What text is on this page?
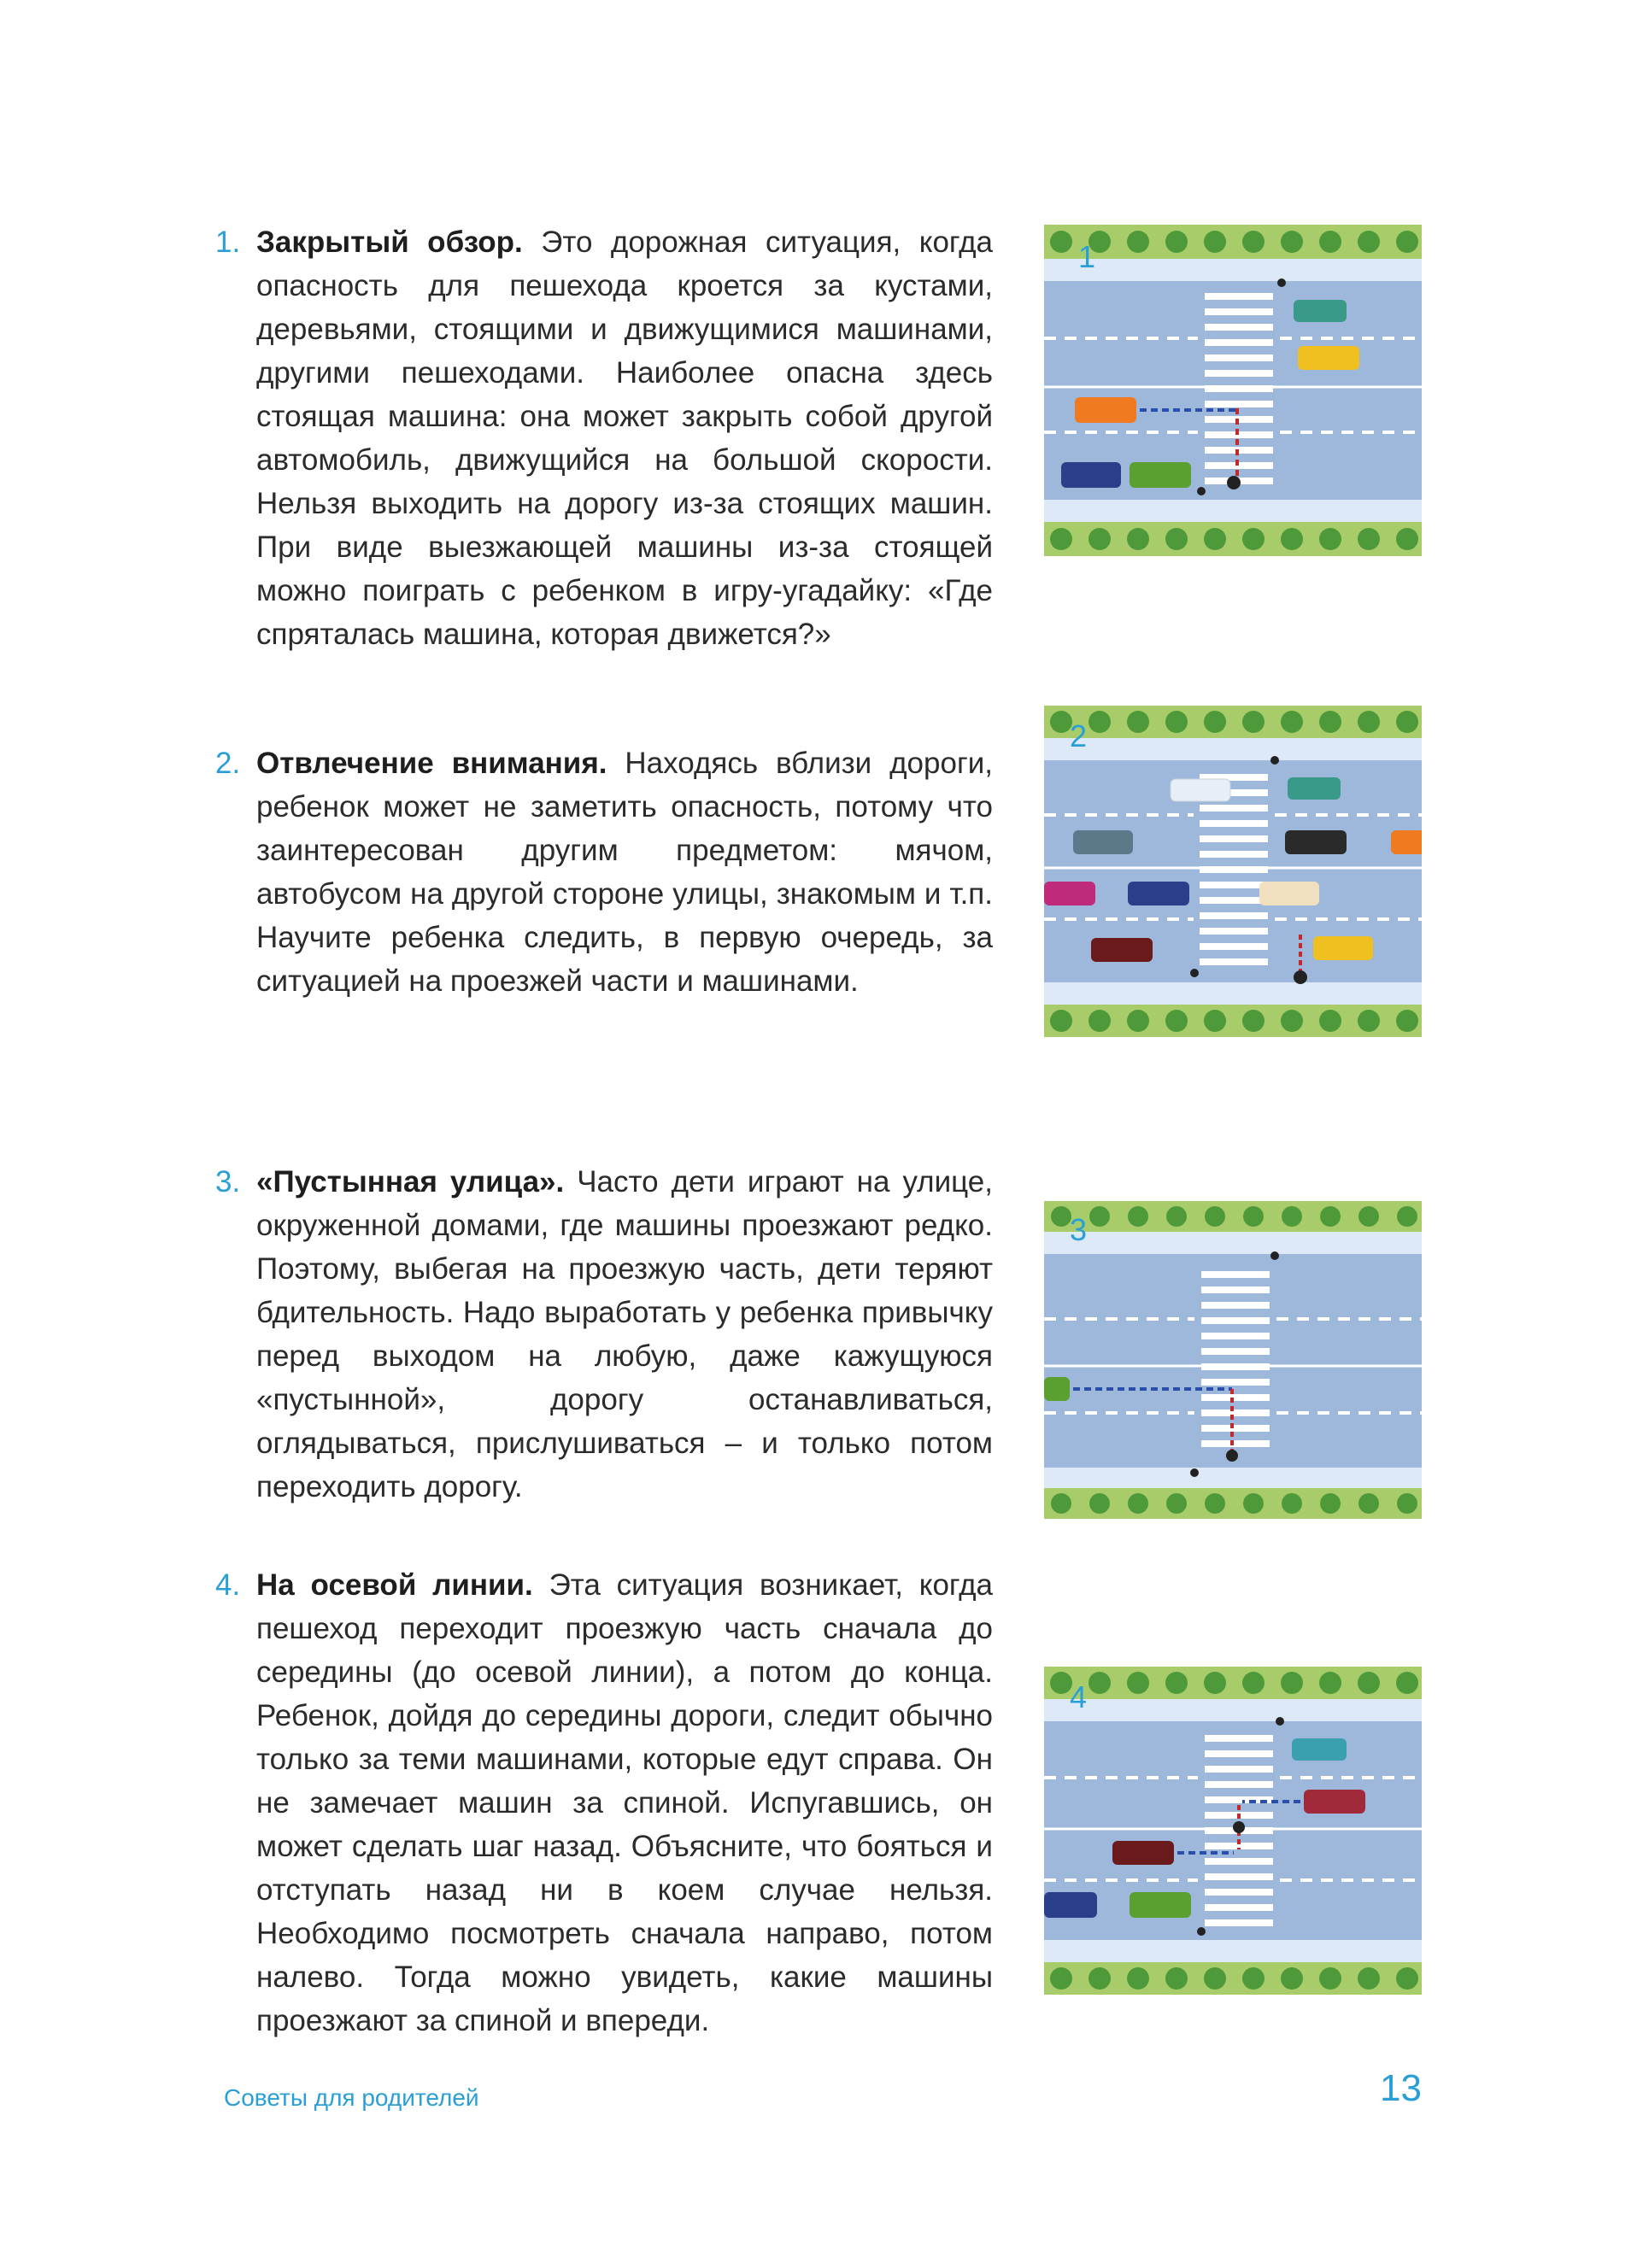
1. Закрытый обзор. Это дорожная ситуация, когда опасность для пешехода кроется за кустами, деревьями, стоящими и движущимися машинами, другими пешеходами. Наиболее опасна здесь стоящая машина: она может закрыть собой другой автомобиль, движущийся на большой скорости. Нельзя выходить на дорогу из-за стоящих машин. При виде выезжающей машины из-за стоящей можно поиграть с ребенком в игру-угадайку: «Где спряталась машина, которая движется?»

1
2. Отвлечение внимания. Находясь вблизи дороги, ребенок может не заметить опасность, потому что заинтересован другим предметом: мячом, автобусом на другой стороне улицы, знакомым и т.п. Научите ребенка следить, в первую очередь, за ситуацией на проезжей части и машинами.

2
3. «Пустынная улица». Часто дети играют на улице, окруженной домами, где машины проезжают редко. Поэтому, выбегая на проезжую часть, дети теряют бдительность. Надо выработать у ребенка привычку перед выходом на любую, даже кажущуюся «пустынной», дорогу останавливаться, оглядываться, прислушиваться – и только потом переходить дорогу.

3
4. На осевой линии. Эта ситуация возникает, когда пешеход переходит проезжую часть сначала до середины (до осевой линии), а потом до конца. Ребенок, дойдя до середины дороги, следит обычно только за теми машинами, которые едут справа. Он не замечает машин за спиной. Испугавшись, он может сделать шаг назад. Объясните, что бояться и отступать назад ни в коем случае нельзя. Необходимо посмотреть сначала направо, потом налево. Тогда можно увидеть, какие машины проезжают за спиной и впереди.

4
Советы для родителей	13
